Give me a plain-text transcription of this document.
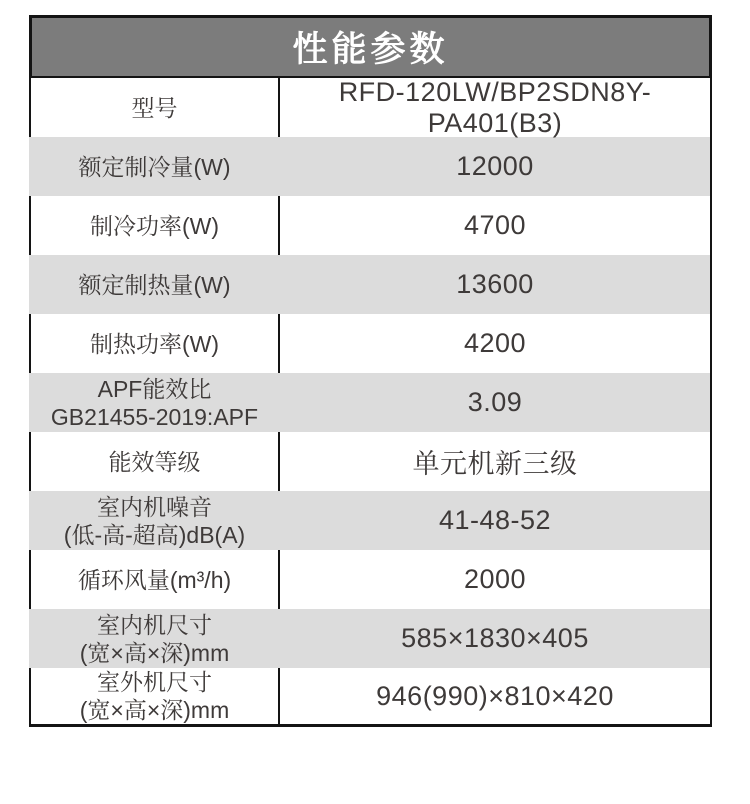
性能参数
型号
RFD-120LW/BP2SDN8Y-PA401(B3)
额定制冷量(W)	12000
制冷功率(W)	4700
额定制热量(W)	13600
制热功率(W)	4200
APF能效比
GB21455-2019:APF	3.09
能效等级	单元机新三级
室内机噪音
(低-高-超高)dB(A)	41-48-52
循环风量(m³/h)	2000
室内机尺寸
(宽×高×深)mm	585×1830×405
室外机尺寸
(宽×高×深)mm	946(990)×810×420
